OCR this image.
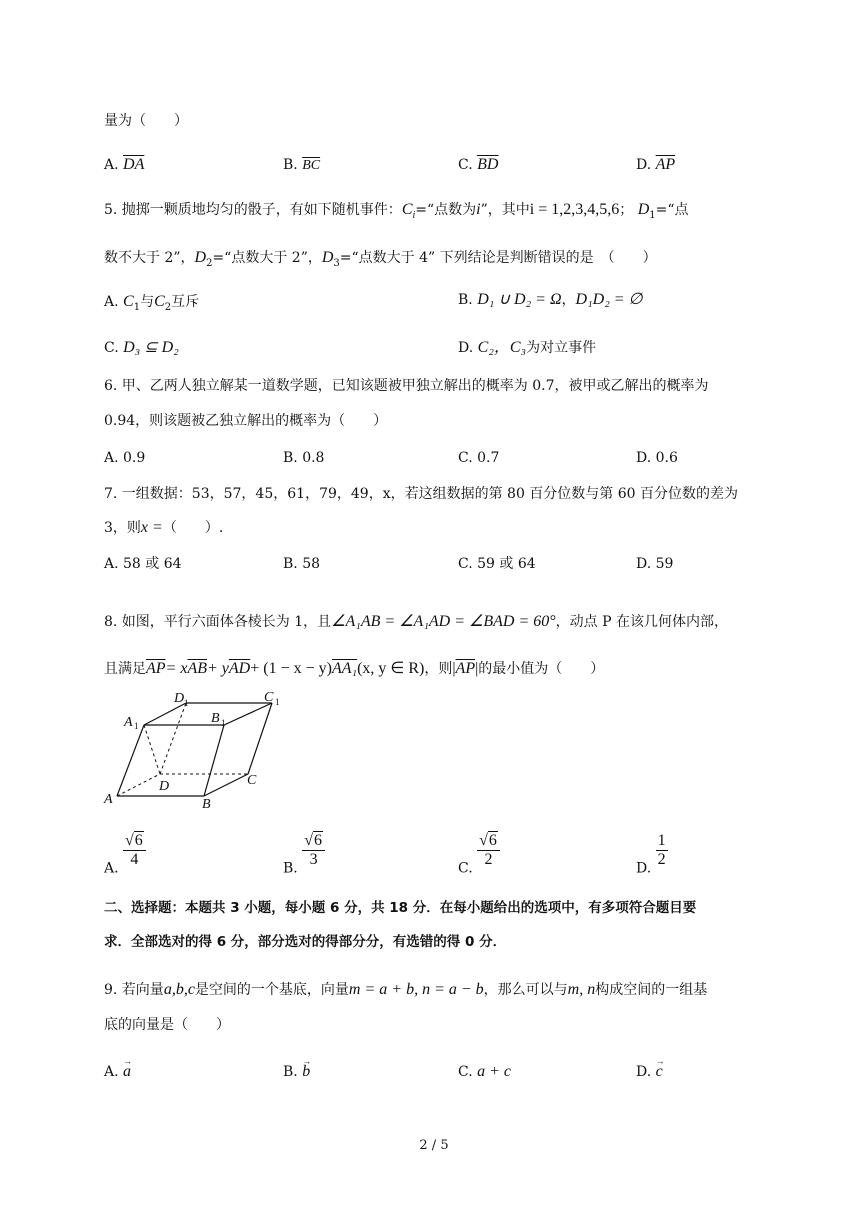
量为（　　）
A. $\overline{DA}$	B. $\overline{BC}$	C. $\overline{BD}$	D. $\overline{AP}$
5. 抛掷一颗质地均匀的骰子，有如下随机事件：$C_i=“$点数为i”，其中i = 1,2,3,4,5,6； $D_1=“$点
数不大于 2”，$D_2=“$点数大于 2”，$D_3=“$点数大于 4” 下列结论是判断错误的是　（　　）
A. $C_1$与$C_2$互斥	B. D₁ ∪ D₂ = Ω，D₁D₂ = ∅
C. D₃ ⊆ D₂	D. C₂，C₃为对立事件
6. 甲、乙两人独立解某一道数学题，已知该题被甲独立解出的概率为 0.7，被甲或乙解出的概率为
0.94，则该题被乙独立解出的概率为（　　）
A. 0.9	B. 0.8	C. 0.7	D. 0.6
7. 一组数据：53，57，45，61，79，49，x，若这组数据的第 80 百分位数与第 60 百分位数的差为
3，则x =（　　）.
A. 58 或 64	B. 58	C. 59 或 64	D. 59
8. 如图，平行六面体各棱长为 1，且∠A₁AB = ∠A₁AD = ∠BAD = 60°，动点 P 在该几何体内部，
且满足$\overline{AP}= x\overline{AB}+ y\overline{AD}+ (1 - x - y)AA_1(x$, y ∈ R)，则$|\overline{AP}|$的最小值为（　　）
A	B
C
D
A	B
C
D
1	1
1
1
A. $\frac{√6}{4}$	B. $\frac{√6}{3}$	C. $\frac{√6}{2}$	D. $\frac{1}{2}$
二、选择题：本题共 3 小题，每小题 6 分，共 18 分．在每小题给出的选项中，有多项符合题目要
求．全部选对的得 6 分，部分选对的得部分分，有选错的得 0 分．
9. 若向量a,b,c是空间的一个基底，向量m = a + b, n = a − b，那么可以与m, n构成空间的一组基
底的向量是（　　）
A. → a	B. → b	C. a + c	D. → c
2 / 5
